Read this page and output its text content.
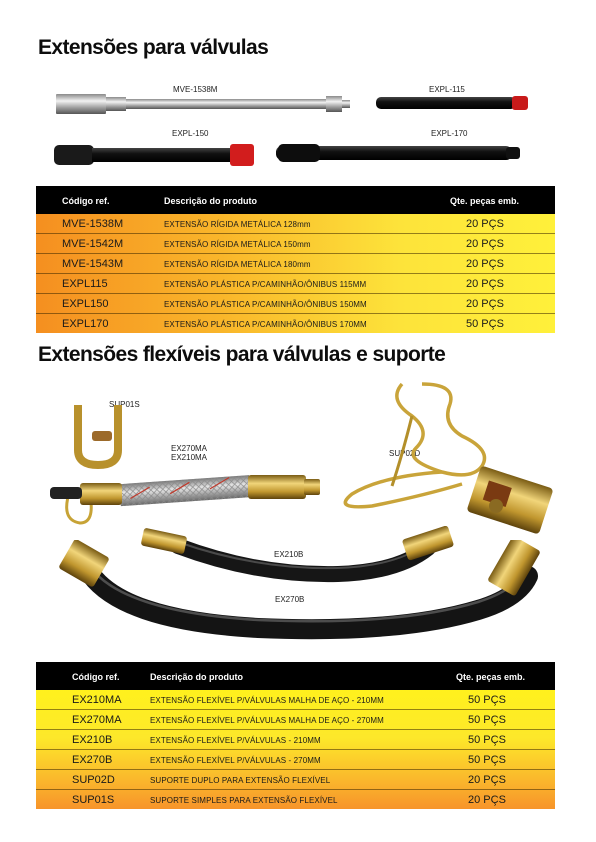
Extensões para válvulas
MVE-1538M	EXPL-115
EXPL-150	EXPL-170
Código ref.	Descrição do produto	Qte. peças emb.
MVE-1538M	EXTENSÃO RÍGIDA METÁLICA 128mm	20 PÇS
MVE-1542M	EXTENSÃO RÍGIDA METÁLICA 150mm	20 PÇS
MVE-1543M	EXTENSÃO RÍGIDA METÁLICA 180mm	20 PÇS
EXPL115	EXTENSÃO PLÁSTICA P/CAMINHÃO/ÔNIBUS 115MM	20 PÇS
EXPL150	EXTENSÃO PLÁSTICA P/CAMINHÃO/ÔNIBUS 150MM	20 PÇS
EXPL170	EXTENSÃO PLÁSTICA P/CAMINHÃO/ÔNIBUS 170MM	50 PÇS
Extensões flexíveis para válvulas e suporte
SUP01S
EX270MA
EX210MA	SUP02D
EX210B
EX270B
Código ref.	Descrição do produto	Qte. peças emb.
EX210MA	EXTENSÃO FLEXÍVEL P/VÁLVULAS MALHA DE AÇO - 210MM	50 PÇS
EX270MA	EXTENSÃO FLEXÍVEL P/VÁLVULAS MALHA DE AÇO - 270MM	50 PÇS
EX210B	EXTENSÃO FLEXÍVEL P/VÁLVULAS - 210MM	50 PÇS
EX270B	EXTENSÃO FLEXÍVEL P/VÁLVULAS - 270MM	50 PÇS
SUP02D	SUPORTE DUPLO PARA EXTENSÃO FLEXÍVEL	20 PÇS
SUP01S	SUPORTE SIMPLES PARA EXTENSÃO FLEXÍVEL	20 PÇS
